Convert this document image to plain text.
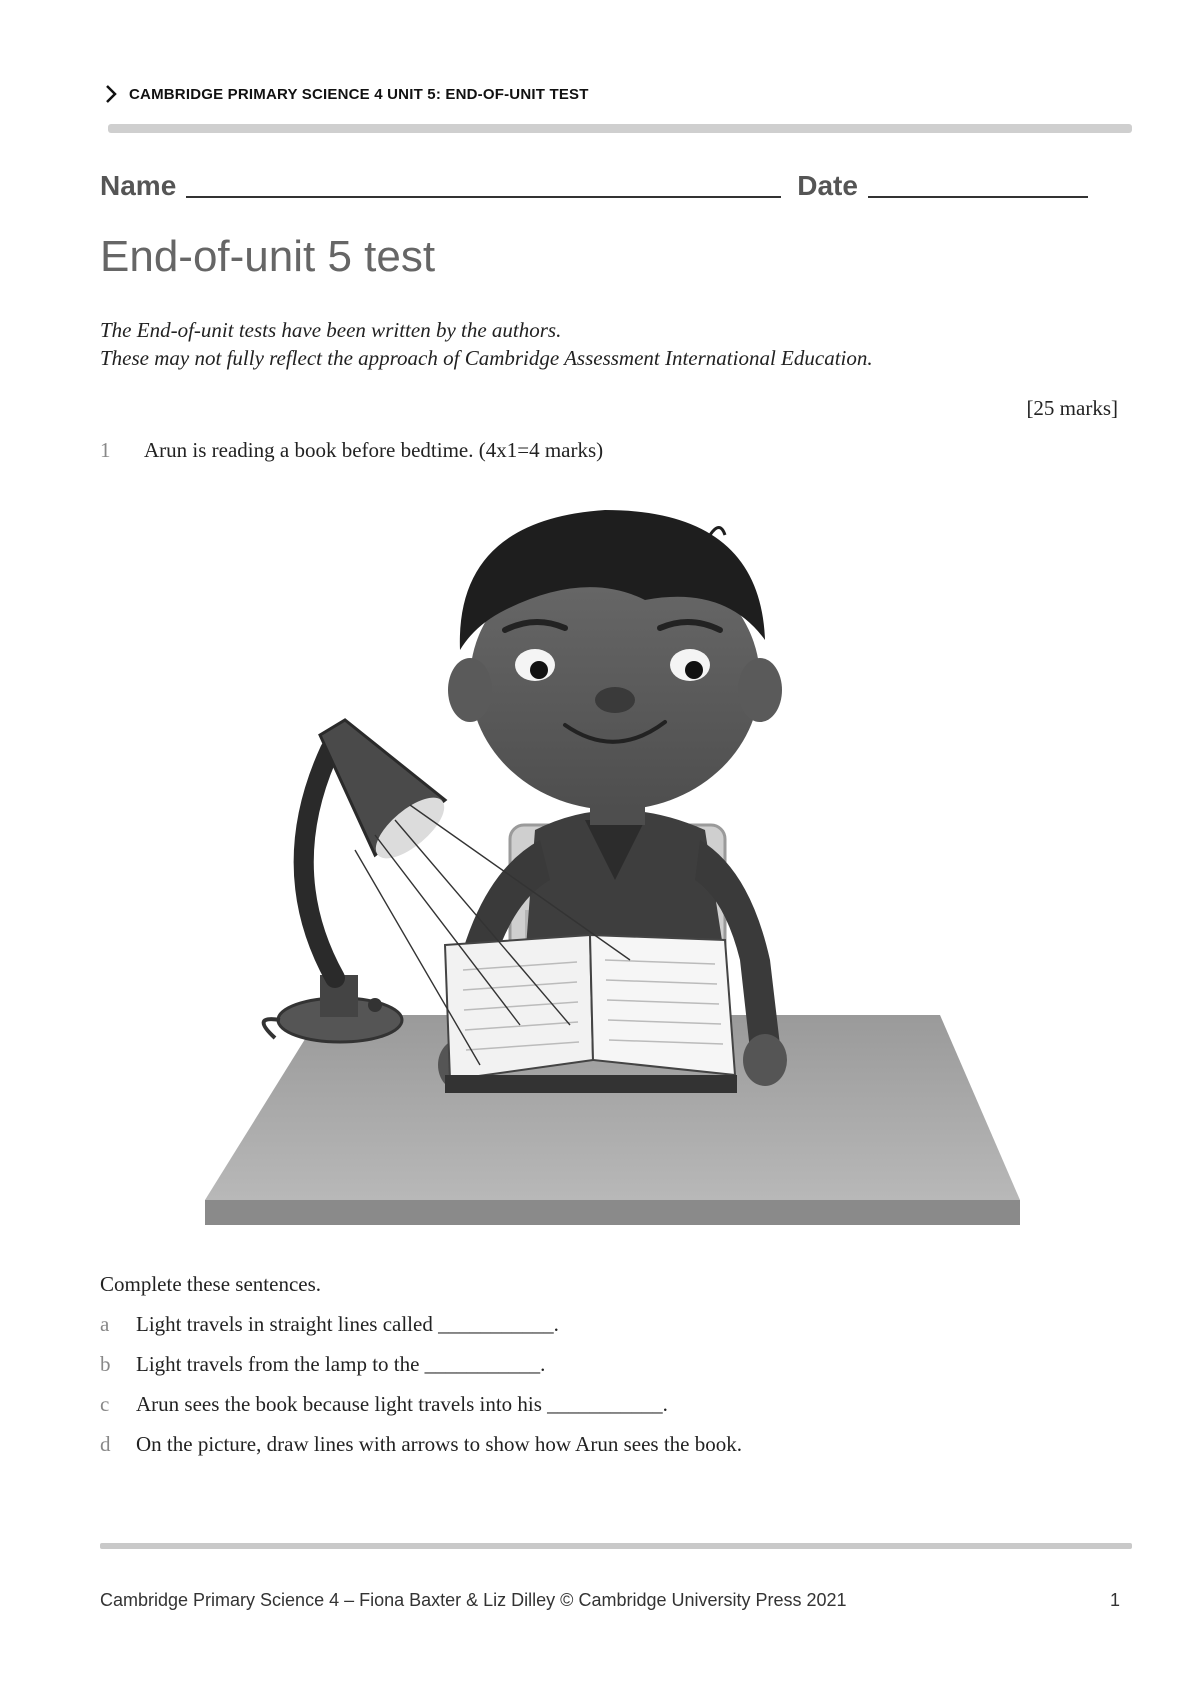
CAMBRIDGE PRIMARY SCIENCE 4 UNIT 5: END-OF-UNIT TEST
Name	Date
End-of-unit 5 test
The End-of-unit tests have been written by the authors.
These may not fully reflect the approach of Cambridge Assessment International Education.
[25 marks]
1	Arun is reading a book before bedtime. (4x1=4 marks)
Complete these sentences.
a	Light travels in straight lines called ___________.
b	Light travels from the lamp to the ___________.
c	Arun sees the book because light travels into his ___________.
d	On the picture, draw lines with arrows to show how Arun sees the book.
Cambridge Primary Science 4 – Fiona Baxter & Liz Dilley © Cambridge University Press 2021	1
